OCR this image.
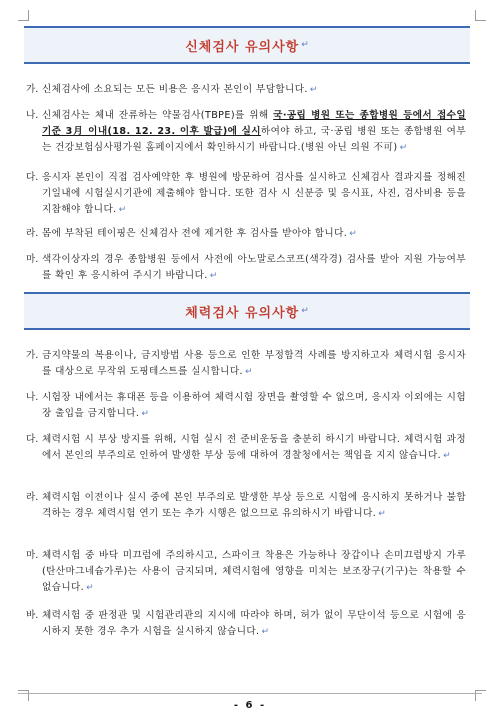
신체검사 유의사항 ↵
가. 신체검사에 소요되는 모든 비용은 응시자 본인이 부담합니다. ↵
나. 신체검사는 체내 잔류하는 약물검사(TBPE)를 위해 국·공립 병원 또는 종합병원 등에서 접수일 기준 3月 이내(18. 12. 23. 이후 발급)에 실시하여야 하고, 국·공립 병원 또는 종합병원 여부는 건강보험심사평가원 홈페이지에서 확인하시기 바랍니다.(병원 아닌 의원 不可) ↵
다. 응시자 본인이 직접 검사예약한 후 병원에 방문하여 검사를 실시하고 신체검사 결과지를 정해진 기일내에 시험실시기관에 제출해야 합니다. 또한 검사 시 신분증 및 응시표, 사진, 검사비용 등을 지참해야 합니다. ↵
라. 몸에 부착된 테이핑은 신체검사 전에 제거한 후 검사를 받아야 합니다. ↵
마. 색각이상자의 경우 종합병원 등에서 사전에 아노말로스코프(색각경) 검사를 받아 지원 가능여부를 확인 후 응시하여 주시기 바랍니다. ↵
체력검사 유의사항 ↵
가. 금지약물의 복용이나, 금지방법 사용 등으로 인한 부정합격 사례를 방지하고자 체력시험 응시자를 대상으로 무작위 도핑테스트를 실시합니다. ↵
나. 시험장 내에서는 휴대폰 등을 이용하여 체력시험 장면을 촬영할 수 없으며, 응시자 이외에는 시험장 출입을 금지합니다. ↵
다. 체력시험 시 부상 방지를 위해, 시험 실시 전 준비운동을 충분히 하시기 바랍니다. 체력시험 과정에서 본인의 부주의로 인하여 발생한 부상 등에 대하여 경찰청에서는 책임을 지지 않습니다. ↵
라. 체력시험 이전이나 실시 중에 본인 부주의로 발생한 부상 등으로 시험에 응시하지 못하거나 불합격하는 경우 체력시험 연기 또는 추가 시행은 없으므로 유의하시기 바랍니다. ↵
마. 체력시험 중 바닥 미끄럼에 주의하시고, 스파이크 착용은 가능하나 장갑이나 손미끄럼방지 가루(탄산마그네슘가루)는 사용이 금지되며, 체력시험에 영향을 미치는 보조장구(기구)는 착용할 수 없습니다. ↵
바. 체력시험 중 판정관 및 시험관리관의 지시에 따라야 하며, 허가 없이 무단이석 등으로 시험에 응시하지 못한 경우 추가 시험을 실시하지 않습니다. ↵
- 6 -
